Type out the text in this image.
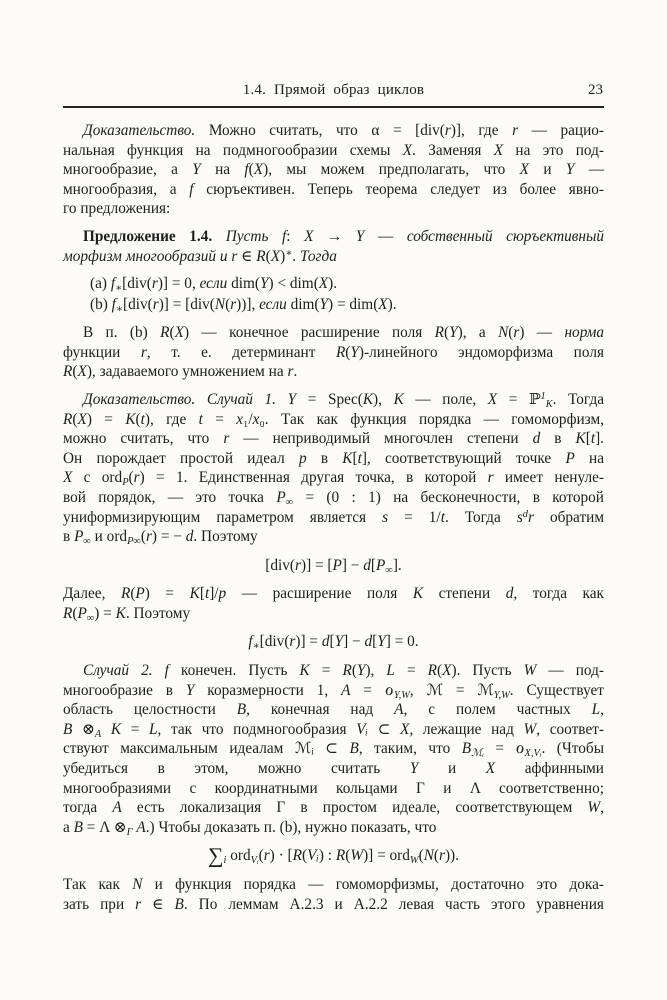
1.4. Прямой образ циклов	23
Доказательство. Можно считать, что α = [div(r)], где r — рацио-
нальная функция на подмногообразии схемы X. Заменяя X на это под-
многообразие, а Y на f(X), мы можем предполагать, что X и Y —
многообразия, а f сюръективен. Теперь теорема следует из более явно-
го предложения:
Предложение 1.4. Пусть f: X → Y — собственный сюръективный
морфизм многообразий и r ∈ R(X)∗. Тогда
(a) $f_∗[div(r)] = 0$, если dim(Y) < dim(X).
(b) $f_∗[div(r)] = [div(N(r))]$, если dim(Y) = dim(X).
В п. (b) R(X) — конечное расширение поля R(Y), а N(r) — норма
функции r, т. е. детерминант R(Y)-линейного эндоморфизма поля
R(X), задаваемого умножением на r.
Доказательство. Случай 1. Y = Spec(K), K — поле, X = ℙ$^1_K$. Тогда
R(X) = K(t), где t = x₁/x₀. Так как функция порядка — гомоморфизм,
можно считать, что r — неприводимый многочлен степени d в K[t].
Он порождает простой идеал p в K[t], соответствующий точке P на
X с ord$_P$(r) = 1. Единственная другая точка, в которой r имеет ненуле-
вой порядок, — это точка $P_\infty = (0$ : 1) на бесконечности, в которой
униформизирующим параметром является s = 1/t. Тогда $s^dr$ обратим
в $P_\infty$ и ord$_{P\infty}$(r) = − d. Поэтому
$[div(r)] = [P] - d[P_\infty]$.
Далее, R(P) = K[t]/p — расширение поля K степени d, тогда как
$R(P_\infty) = K$. Поэтому
$f_∗[div(r)] = d[Y] - d[Y] = 0$.
Случай 2. f конечен. Пусть K = R(Y), L = R(X). Пусть W — под-
многообразие в Y коразмерности 1, A = ℴ$_{Y,W}$, ℳ = ℳ$_{Y,W}$. Существует
область целостности B, конечная над A, с полем частных L,
B $\otimes_A$ K = L, так что подмногообразия Vᵢ ⊂ X, лежащие над W, соответ-
ствуют максимальным идеалам ℳᵢ ⊂ B, таким, что $B_{ℳᵢ}$ = ℴ$_{X,Vᵢ}$. (Чтобы
убедиться в этом, можно считать Y и X аффинными
многообразиями с координатными кольцами Γ и Λ соответственно;
тогда A есть локализация Γ в простом идеале, соответствующем W,
а B = Λ $\otimes_\Gamma$ A.) Чтобы доказать п. (b), нужно показать, что
$\sum_i$ ord$_{Vᵢ}$(r) · [R(Vᵢ) : R(W)] = ord$_W$(N(r)).
Так как N и функция порядка — гомоморфизмы, достаточно это дока-
зать при r ∈ B. По леммам А.2.3 и А.2.2 левая часть этого уравнения
